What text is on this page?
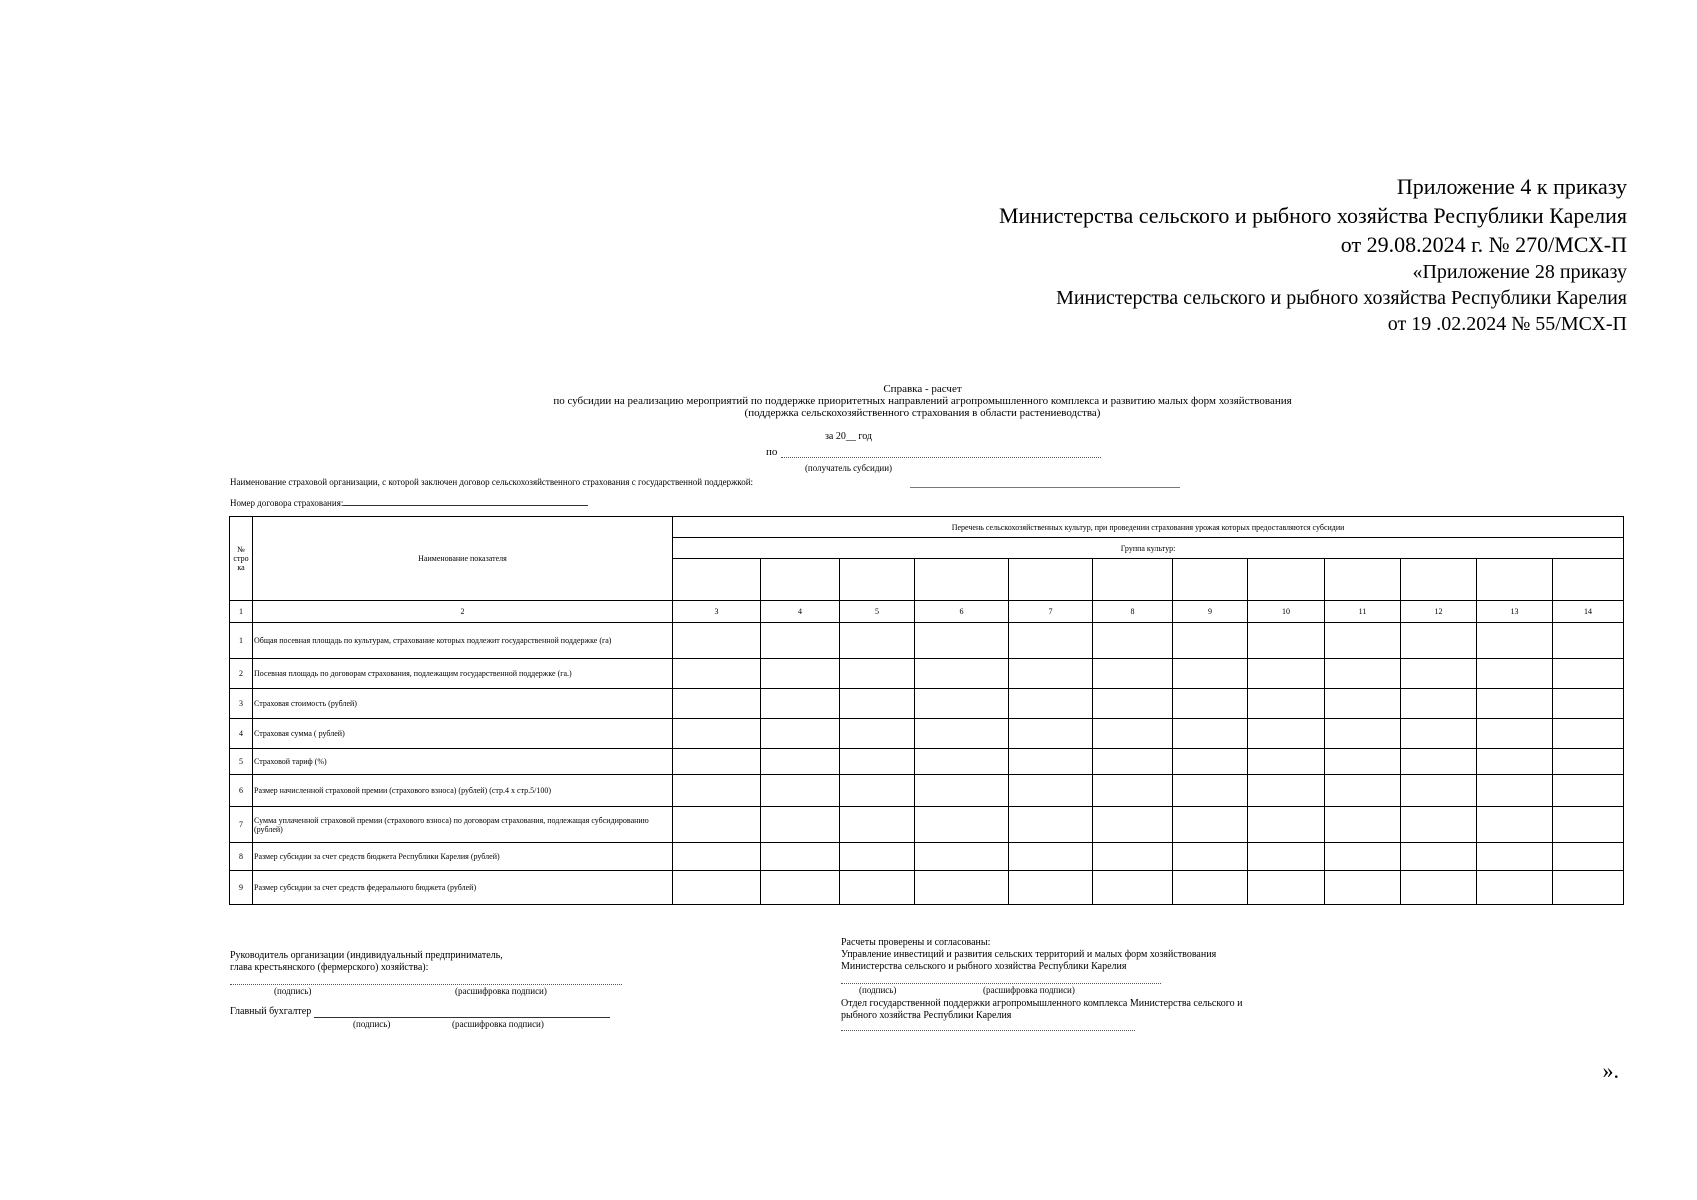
Приложение 4 к приказу
Министерства сельского и рыбного хозяйства Республики Карелия
от 29.08.2024 г. № 270/МСХ-П
«Приложение 28 приказу
Министерства сельского и рыбного хозяйства Республики Карелия
от 19 .02.2024 № 55/МСХ-П
Справка - расчет
по субсидии на реализацию мероприятий по поддержке приоритетных направлений агропромышленного комплекса и развитию малых форм хозяйствования
(поддержка сельскохозяйственного страхования в области растениеводства)
за 20__ год
по
(получатель субсидии)
Наименование страховой организации, с которой заключен договор сельскохозяйственного страхования с государственной поддержкой:
Номер договора страхования:
№ стро ка	Наименование показателя	Перечень сельскохозяйственных культур, при проведении страхования урожая которых предоставляются субсидии											
		Группа культур:											

1	2	3	4	5	6	7	8	9	10	11	12	13	14
1	Общая посевная площадь по культурам, страхование которых подлежит государственной поддержке (га)												
2	Посевная площадь по договорам страхования, подлежащим государственной поддержке (га.)												
3	Страховая стоимость (рублей)												
4	Страховая сумма ( рублей)												
5	Страховой тариф (%)												
6	Размер начисленной страховой премии (страхового взноса) (рублей) (стр.4 х стр.5/100)												
7	Сумма уплаченной страховой премии (страхового взноса) по договорам страхования, подлежащая субсидированию (рублей)												
8	Размер субсидии за счет средств бюджета Республики Карелия (рублей)												
9	Размер субсидии за счет средств федерального бюджета (рублей)												
Руководитель организации (индивидуальный предприниматель,
глава крестьянского (фермерского) хозяйства):
(подпись)	(расшифровка подписи)
Главный бухгалтер
(подпись)	(расшифровка подписи)
Расчеты проверены и согласованы:
Управление инвестиций и развития сельских территорий и малых форм хозяйствования
Министерства сельского и рыбного хозяйства Республики Карелия
(подпись)	(расшифровка подписи)
Отдел государственной поддержки агропромышленного комплекса Министерства сельского и
рыбного хозяйства Республики Карелия
».
